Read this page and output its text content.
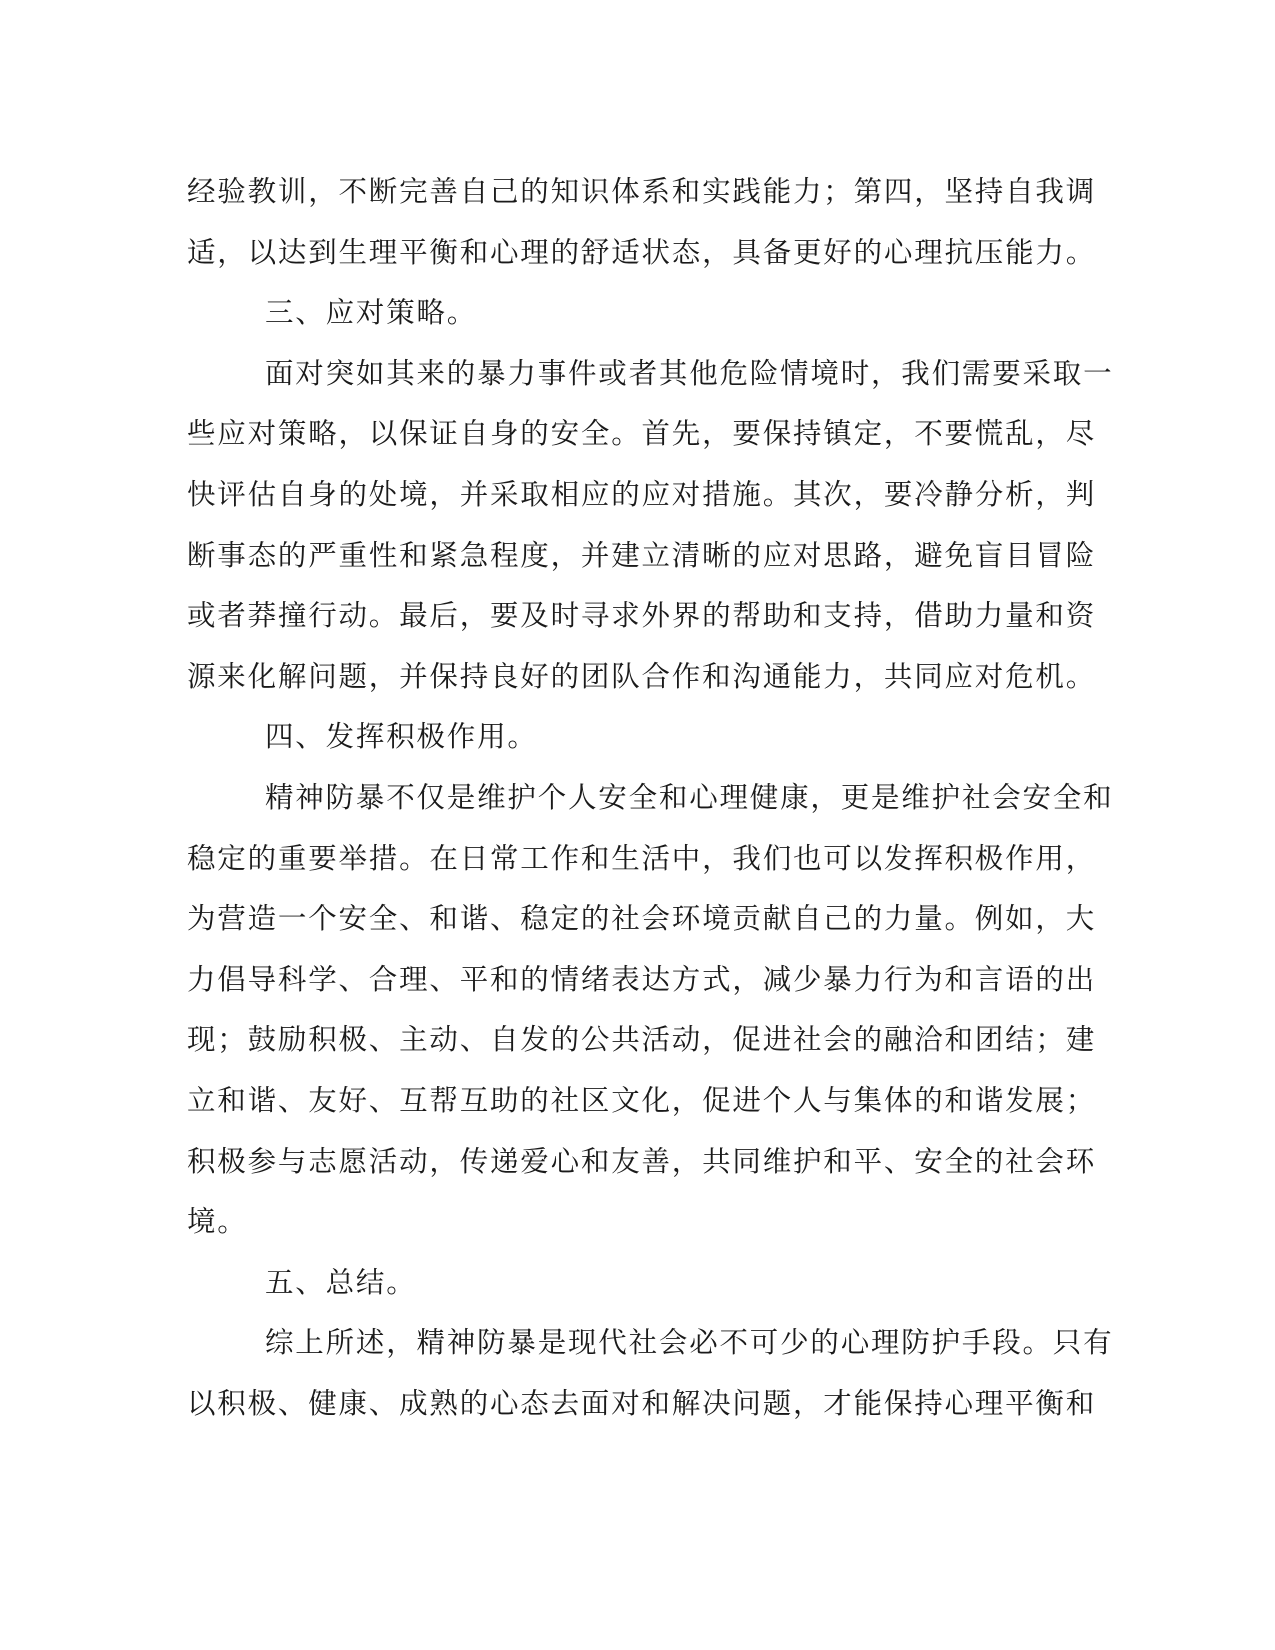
经验教训，不断完善自己的知识体系和实践能力；第四，坚持自我调
适，以达到生理平衡和心理的舒适状态，具备更好的心理抗压能力。
三、应对策略。
面对突如其来的暴力事件或者其他危险情境时，我们需要采取一
些应对策略，以保证自身的安全。首先，要保持镇定，不要慌乱，尽
快评估自身的处境，并采取相应的应对措施。其次，要冷静分析，判
断事态的严重性和紧急程度，并建立清晰的应对思路，避免盲目冒险
或者莽撞行动。最后，要及时寻求外界的帮助和支持，借助力量和资
源来化解问题，并保持良好的团队合作和沟通能力，共同应对危机。
四、发挥积极作用。
精神防暴不仅是维护个人安全和心理健康，更是维护社会安全和
稳定的重要举措。在日常工作和生活中，我们也可以发挥积极作用，
为营造一个安全、和谐、稳定的社会环境贡献自己的力量。例如，大
力倡导科学、合理、平和的情绪表达方式，减少暴力行为和言语的出
现；鼓励积极、主动、自发的公共活动，促进社会的融洽和团结；建
立和谐、友好、互帮互助的社区文化，促进个人与集体的和谐发展；
积极参与志愿活动，传递爱心和友善，共同维护和平、安全的社会环
境。
五、总结。
综上所述，精神防暴是现代社会必不可少的心理防护手段。只有
以积极、健康、成熟的心态去面对和解决问题，才能保持心理平衡和
